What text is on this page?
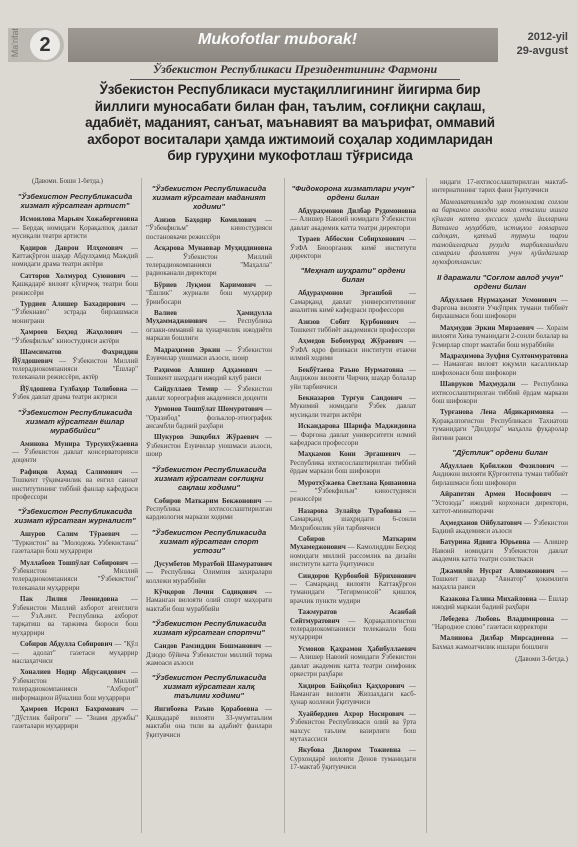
Ma'rifat 2	Mukofotlar muborak!	2012-yil
29-avgust
Ўзбекистон Республикаси Президентининг Фармони
Ўзбекистон Республикаси мустақиллигининг йигирма бир
йиллиги муносабати билан фан, таълим, соғлиқни сақлаш,
адабиёт, маданият, санъат, маънавият ва маърифат, оммавий
ахборот воситалари ҳамда ижтимоий соҳалар ходимларидан
бир гуруҳини мукофотлаш тўғрисида
(Давоми. Боши 1-бетда.)
"Ўзбекистон Республикасида хизмат кўрсатган артист"
Исмоилова Марьям Хожабергеновна — Бердақ номидаги Қорақалпоқ давлат мусиқали театри артисти
Қодиров Даврон Илҳомович — Каттақўрғон шаҳар Абдулҳамид Маждий номидаги драма театри актёри
Сатторов Холмурод Суюнович — Қашқадарё вилоят кўғирчоқ театри бош режиссёри
Турдиев Алишер Бахадирович — "Ўзбекнаво" эстрада бирлашмаси мониграни
Ҳамроев Беҳзод Жаҳолович — "Ўзбекфильм" киностудияси актёри
Шамсиматов Фахриддин Йўлдошевич — Ўзбекистон Миллий телерадиокомпанияси "Ёшлар" телеканали режиссёри, актёр
Йўлдошева Гулбаҳор Толибовна — Ўзбек давлат драма театри актриси
"Ўзбекистон Республикасида хизмат кўрсатган ёшлар мураббийси"
Аминова Мунира Турсунхўжаевна — Ўзбекистон давлат консерваторияси доценти
Рафиқов Аҳмад Салимович — Тошкент тўқимачилик ва енгил саноат институтининг тиббий фанлар кафедраси профессори
"Ўзбекистон Республикасида хизмат кўрсатган журналист"
Ашуров Салим Тўраевич — "Туркистон" ва "Молодежь Узбекистана" газеталари бош муҳаррири
Муллабоев Тошпўлат Собирович — Ўзбекистон Миллий телерадиокомпанияси "Ўзбекистон" телеканали муҳаррири
Пак Лилия Леонидовна — Ўзбекистон Миллий ахборот агентлиги — ЎзА.инт. Республика ахборот тарқатиш ва таржима бюроси бош муҳаррири
Собиров Абдулла Собирович — "Қўл — адолат" газетаси муҳаррир маслаҳатчиси
Хоналиев Нодир Абдусаидович — Ўзбекистон Миллий телерадиокомпанияси "Ахборот" информацион йўналиш бош муҳаррири
Ҳамроев Исроил Бахромович — "Дўстлик байроғи" — "Знамя дружбы" газеталари муҳаррири
"Ўзбекистон Республикасида хизмат кўрсатган маданият ходими"
Азизов Баҳодир Комилович — "Ўзбекфильм" киностудияси постановкачи режиссёри
Асқарова Мунаввар Муҳиддиновна — Ўзбекистон Миллий телерадиокомпанияси "Маҳалла" радиоканали директори
Бўриев Луқмон Каримович — "Ёшлик" журнали бош муҳаррир ўринбосари
Валиев Ҳамидулла Муҳаммаджонович — Республика оғзаки-оммавий ва хунарчилик ижодиёти маркази бошлиғи
Мадраҳимов Эркин — Ўзбекистон Ёзувчилар уюшмаси аъзоси, шоир
Раҳимов Алишер Адҳамович — Тошкент шаҳрдаги ижодий клуб раиси
Сайдуллаев Темир — Ўзбекистон давлат хореография академияси доценти
Урмонов Тошпўлат Шомуротович — "Оразибод" фольклор-этнографик ансамбли бадиий раҳбари
Шукуров Эшқобил Жўраевич — Ўзбекистон Ёзувчилар уюшмаси аъзоси, шоир
"Ўзбекистон Республикасида хизмат кўрсатган соғлиқни сақлаш ходими"
Собиров Маткарим Бекжонович — Республика ихтисослаштирилган кардиология маркази ходими
"Ўзбекистон Республикасида хизмат кўрсатган спорт устози"
Дусумбетов Муратбой Шамуратович — Республика Олимпия захиралари коллежи мураббийи
Кўчқоров Лочин Содиқович — Наманган вилояти олий спорт маҳорати мактаби бош мураббийи
"Ўзбекистон Республикасида хизмат кўрсатган спортчи"
Саидов Рамзиддин Бошманович — Дзюдо бўйича Ўзбекистон миллий терма жамоаси аъзоси
"Ўзбекистон Республикасида хизмат кўрсатган халқ таълими ходими"
Янгибоева Раъно Қорабоевна — Қашқадарё вилояти 33-умумтаълим мактаби она тили ва адабиёт фанлари ўқитувчиси
"Фидокорона хизматлари учун" ордени билан
Абдураҳмонов Дилбар Рудомоновна — Алишер Навоий номидаги Ўзбекистон давлат академик катта театри директори
Тураев Аббосхон Собирхонович — ЎзФА Биоорганик кимё институти директори
"Меҳнат шуҳрати" ордени билан
Абдураҳмонов Эргашбой — Самарқанд давлат университетининг аналитик кимё кафедраси профессори
Азизов Собит Қурбонович — Тошкент тиббиёт академияси профессори
Аҳмедов Бобомурод Жўраевич — ЎзФА ядро физикаси институти етакчи илмий ходими
Бекбўтаева Раъно Нурматовна — Андижон вилояти Чирчиқ шаҳар болалар уйи тарбиячиси
Бекназаров Турғун Саидович — Мукимий номидаги Ўзбек давлат мусиқали театри актёри
Искандарова Шарифа Маджидовна — Фарғона давлат университети илмий кафедраси профессори
Маҳкамов Кони Эргашевич — Республика ихтисослаштирилган тиббий ёрдам маркази бош шифокори
Муротхўжаева Светлана Қошановна — "Ўзбекфильм" киностудияси режиссёри
Назарова Зулайҳо Турабовна — Самарқанд шаҳридаги 6-сонли Меҳрибонлик уйи тарбиячиси
Собиров Маткарим Мухамеджонович — Камолиддин Беҳзод номидаги миллий рассомлик ва дизайн институти катта ўқитувчиси
Синдоров Қурбонбой Бўрихонович — Самарқанд вилояти Каттақўрғон туманидаги "Тегирмонсой" қишлоқ врачлик пункти мудири
Тажмуратов Асанбай Сейтмуратович — Қорақалпоғистон телерадиокомпанияси телеканали бош муҳаррири
Усмонов Қаҳрамон Ҳабибуллаевич — Алишер Навоий номидаги Ўзбекистон давлат академик катта театри симфоник оркестри раҳбари
Хидиров Байқобил Қаҳҳорович — Наманган вилояти Жиззахдаги касб-ҳунар коллежи ўқитувчиси
Хуайбердиев Ахрор Носирович — Ўзбекистон Республикаси олий ва ўрта махсус таълим вазирлиги бош мутахассиси
Якубова Дилором Тожиевна — Сурхондарё вилояти Денов туманидаги 17-мактаб ўқитувчиси
нидаги 17-ихтисослаштирилган мактаб-интернатининг тарих фани ўқитувчиси
Мамлакатимизда ҳар томонлама соғлом ва баркамол авлодни вояга етказиш ишига қўшган катта ҳиссаси ҳамда йилларини Ватанга муҳаббат, истиқлол ғояларига садоқат, қатъий турмуш тарзи тамойилларига руҳида тарбиялашдаги самарали фаолияти учун қуйидагилар мукофотлансин:
II даражали "Соғлом авлод учун" ордени билан
Абдуллаев Нурмаҳамат Усмонович — Фарғона вилояти Учкўприк тумани тиббиёт бирлашмаси бош шифокори
Маҳмудов Эркин Мирзаевич — Хоразм вилояти Хива туманидаги 2-сонли болалар ва ўсмирлар спорт мактаби бош мураббийи
Мадраҳимова Зуҳфия Султонмуратовна — Наманган вилоят юқумли касалликлар шифохонаси бош шифокори
Шавруков Маҳмудали — Республика ихтисослаштирилган тиббий ёрдам маркази бош шифокори
Турғанова Лена Абдикаримовна — Қорақалпоғистон Республикаси Тахиатош туманидаги "Дилдора" маҳалла фуқаролар йиғини раиси
"Дўстлик" ордени билан
Абдуллаев Қобилжон Фозилович — Андижон вилояти Қўрғонтепа туман тиббиёт бирлашмаси бош шифокори
Айрапетян Армен Иосифович — "Устозода" ижодий корхонаси директори, хаттот-миниатюрачи
Аҳмедханов Ойбулатович — Ўзбекистон Бадиий академияси аъзоси
Батурина Ядвига Юрьевна — Алишер Навоий номидаги Ўзбекистон давлат академик катта театри солисткаси
Джамилёв Нусрат Алимжонович — Тошкент шаҳар "Авиатор" ҳокимлиги маҳалла раиси
Казакова Галина Михайловна — Ёшлар ижодий маркази бадиий раҳбари
Лебедева Любовь Владимировна — "Народное слово" газетаси корректори
Малинова Дилбар Мирсадиевна — Бахмал жамоатчилик ишлари бошлиғи
(Давоми 3-бетда.)
